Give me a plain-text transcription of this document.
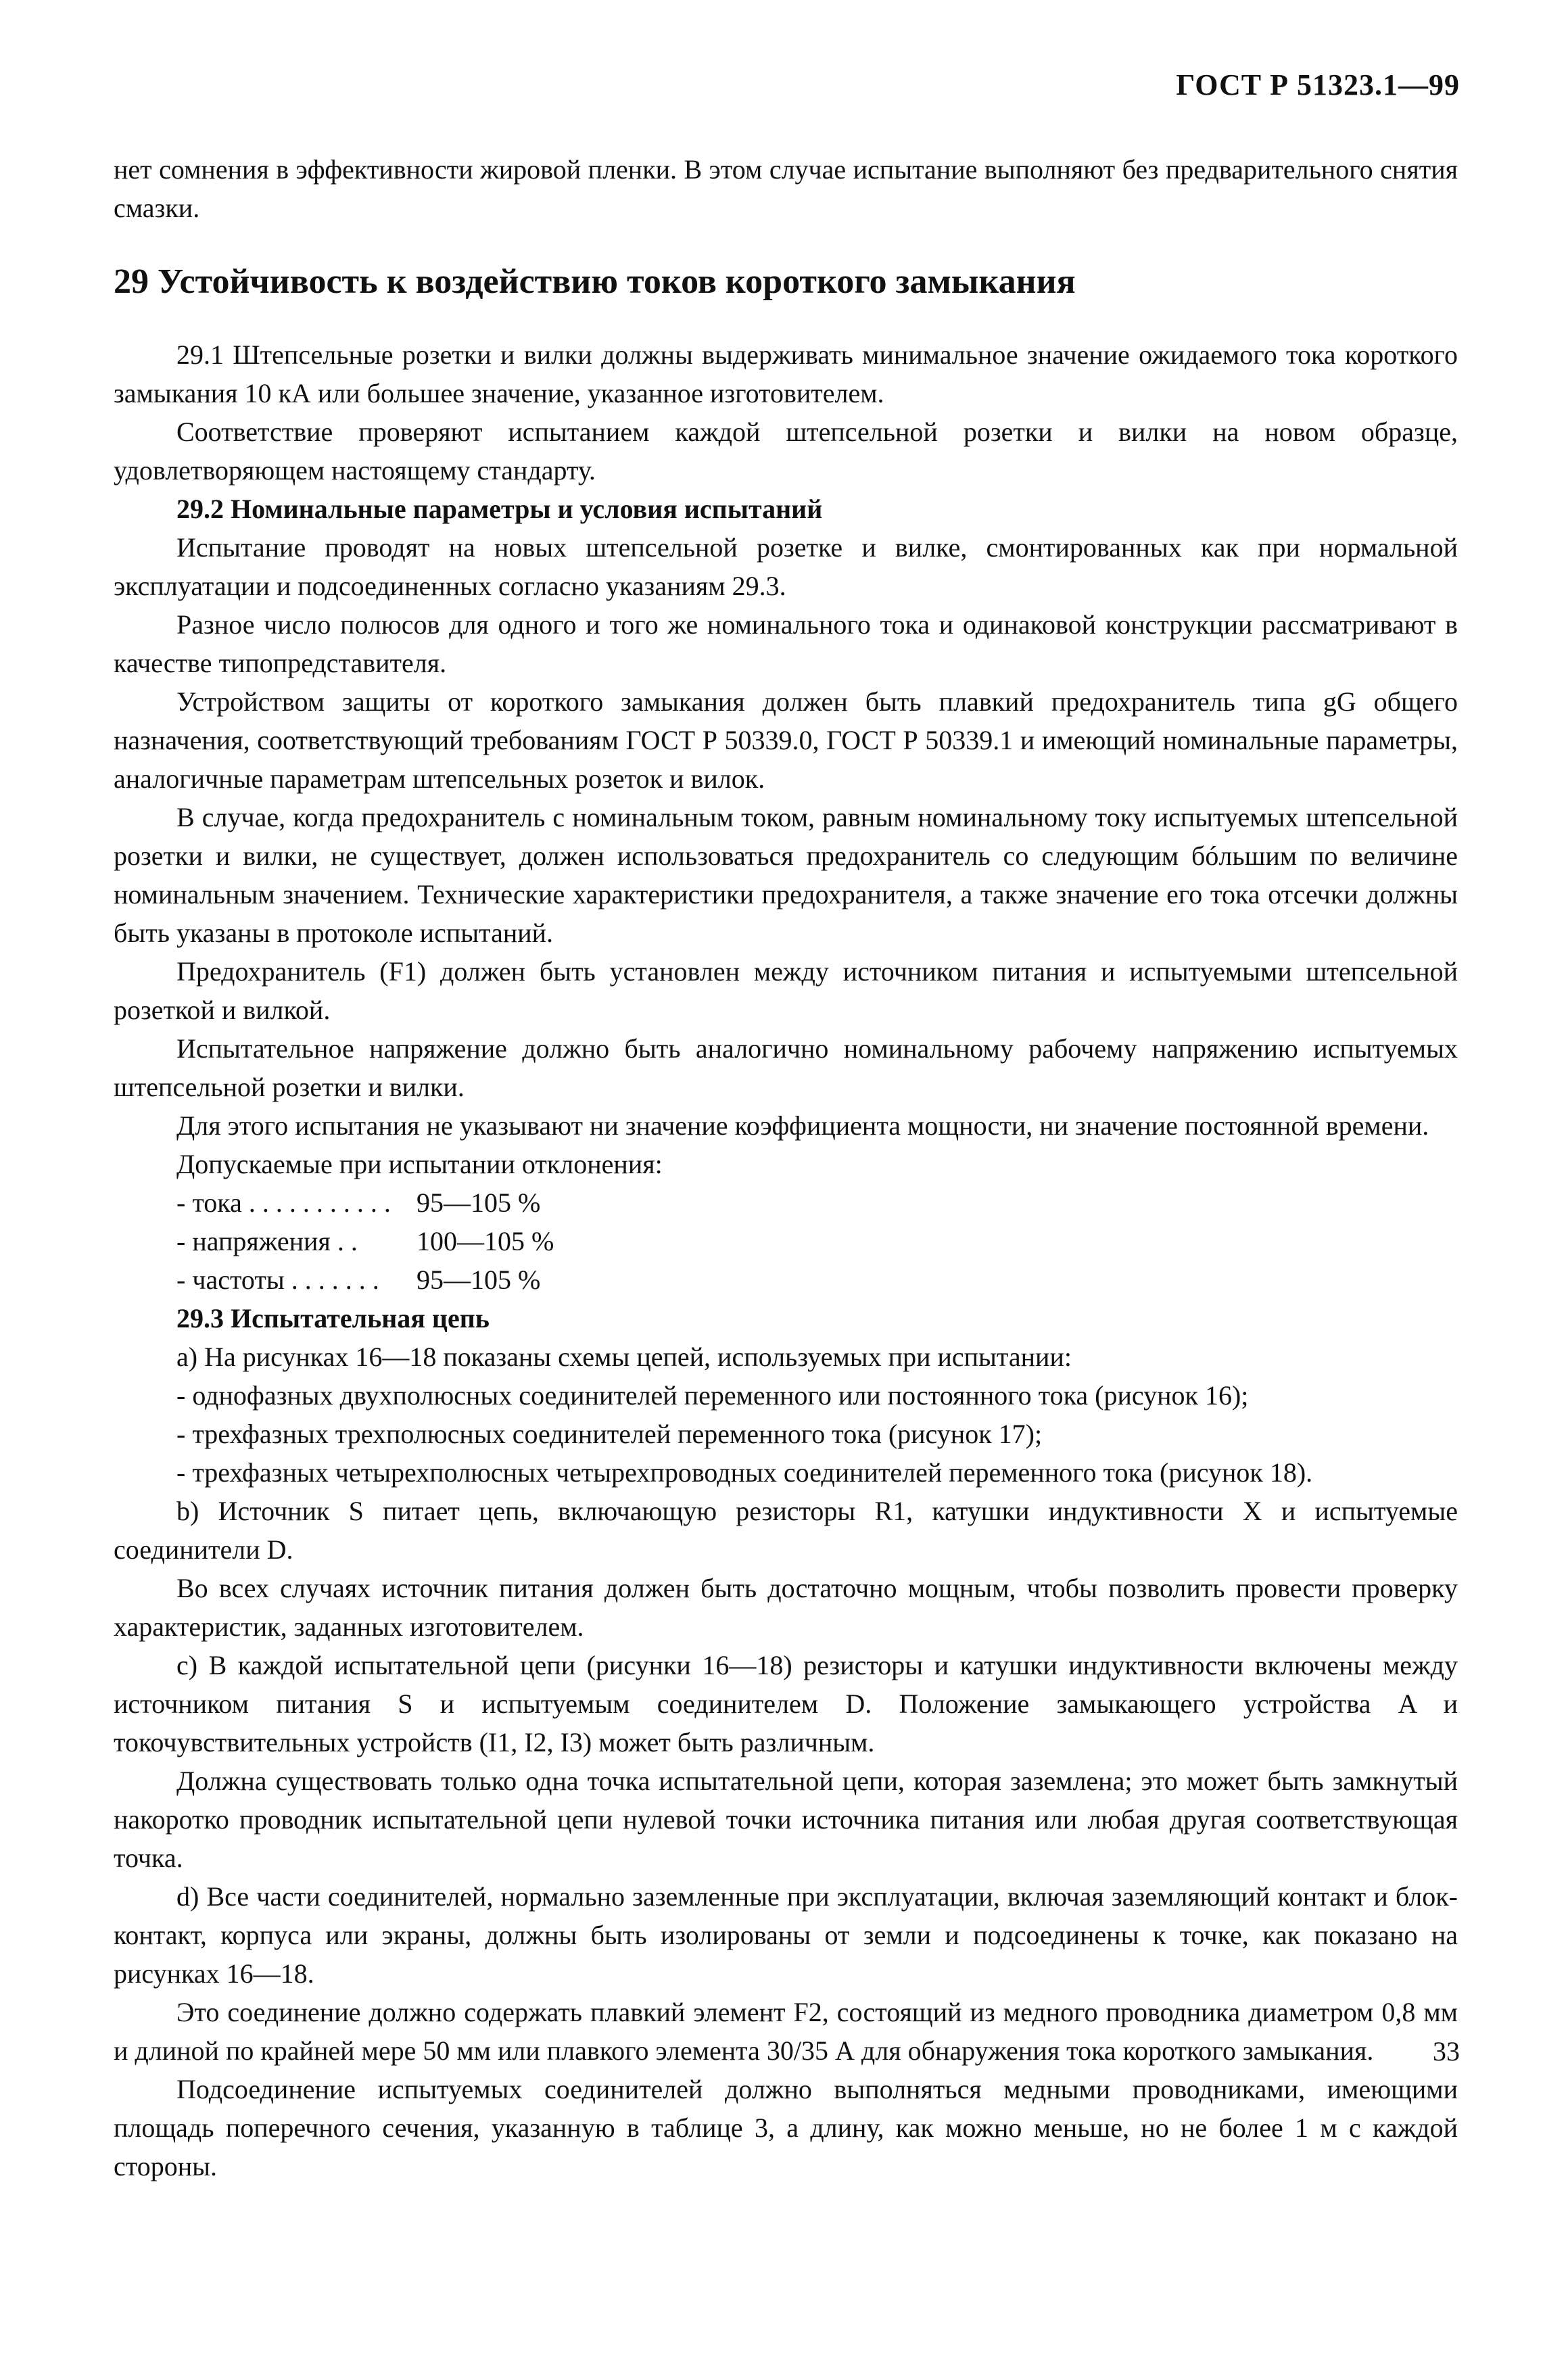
ГОСТ Р 51323.1—99

нет сомнения в эффективности жировой пленки. В этом случае испытание выполняют без предварительного снятия смазки.

29 Устойчивость к воздействию токов короткого замыкания

29.1 Штепсельные розетки и вилки должны выдерживать минимальное значение ожидаемого тока короткого замыкания 10 кА или большее значение, указанное изготовителем.

Соответствие проверяют испытанием каждой штепсельной розетки и вилки на новом образце, удовлетворяющем настоящему стандарту.

29.2 Номинальные параметры и условия испытаний

Испытание проводят на новых штепсельной розетке и вилке, смонтированных как при нормальной эксплуатации и подсоединенных согласно указаниям 29.3.

Разное число полюсов для одного и того же номинального тока и одинаковой конструкции рассматривают в качестве типопредставителя.

Устройством защиты от короткого замыкания должен быть плавкий предохранитель типа gG общего назначения, соответствующий требованиям ГОСТ Р 50339.0, ГОСТ Р 50339.1 и имеющий номинальные параметры, аналогичные параметрам штепсельных розеток и вилок.

В случае, когда предохранитель с номинальным током, равным номинальному току испытуемых штепсельной розетки и вилки, не существует, должен использоваться предохранитель со следующим бóльшим по величине номинальным значением. Технические характеристики предохранителя, а также значение его тока отсечки должны быть указаны в протоколе испытаний.

Предохранитель (F1) должен быть установлен между источником питания и испытуемыми штепсельной розеткой и вилкой.

Испытательное напряжение должно быть аналогично номинальному рабочему напряжению испытуемых штепсельной розетки и вилки.

Для этого испытания не указывают ни значение коэффициента мощности, ни значение постоянной времени.

Допускаемые при испытании отклонения:

- тока . . . . . . . . . . . 95—105 %
- напряжения . . 100—105 %
- частоты . . . . . . . 95—105 %

29.3 Испытательная цепь

а) На рисунках 16—18 показаны схемы цепей, используемых при испытании:

- однофазных двухполюсных соединителей переменного или постоянного тока (рисунок 16);

- трехфазных трехполюсных соединителей переменного тока (рисунок 17);

- трехфазных четырехполюсных четырехпроводных соединителей переменного тока (рисунок 18).

b) Источник S питает цепь, включающую резисторы R1, катушки индуктивности X и испытуемые соединители D.

Во всех случаях источник питания должен быть достаточно мощным, чтобы позволить провести проверку характеристик, заданных изготовителем.

с) В каждой испытательной цепи (рисунки 16—18) резисторы и катушки индуктивности включены между источником питания S и испытуемым соединителем D. Положение замыкающего устройства A и токочувствительных устройств (I1, I2, I3) может быть различным.

Должна существовать только одна точка испытательной цепи, которая заземлена; это может быть замкнутый накоротко проводник испытательной цепи нулевой точки источника питания или любая другая соответствующая точка.

d) Все части соединителей, нормально заземленные при эксплуатации, включая заземляющий контакт и блок-контакт, корпуса или экраны, должны быть изолированы от земли и подсоединены к точке, как показано на рисунках 16—18.

Это соединение должно содержать плавкий элемент F2, состоящий из медного проводника диаметром 0,8 мм и длиной по крайней мере 50 мм или плавкого элемента 30/35 А для обнаружения тока короткого замыкания.

Подсоединение испытуемых соединителей должно выполняться медными проводниками, имеющими площадь поперечного сечения, указанную в таблице 3, а длину, как можно меньше, но не более 1 м с каждой стороны.

33
